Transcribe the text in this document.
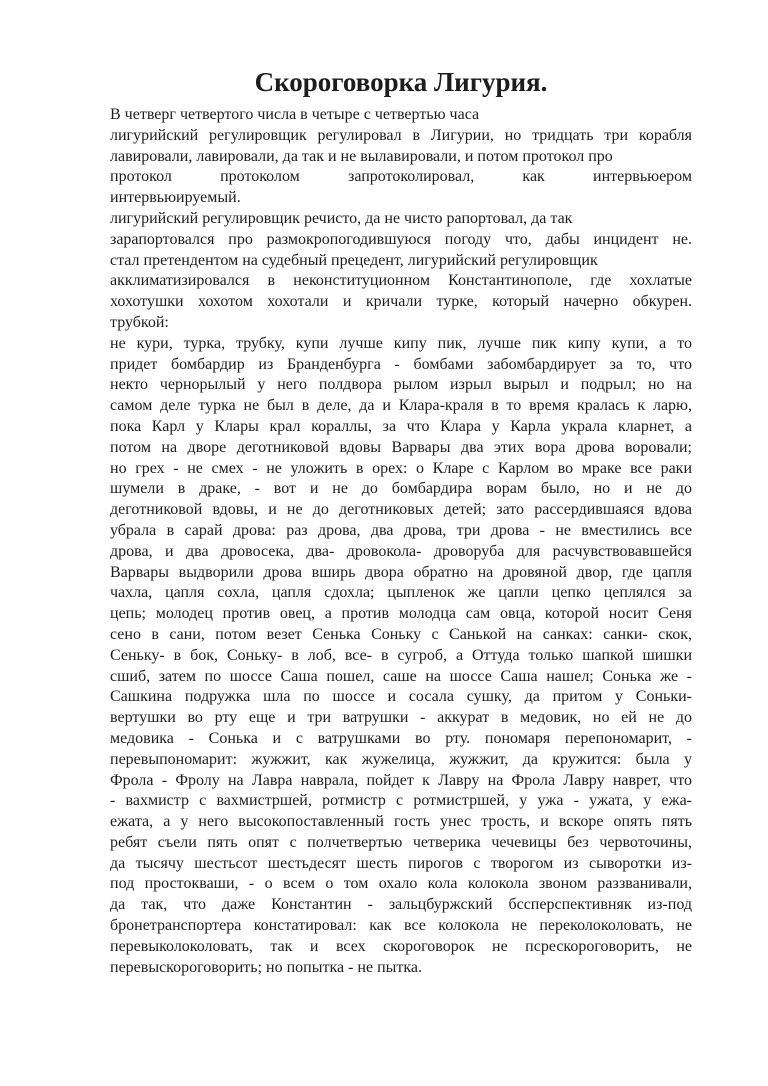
Скороговорка Лигурия.
В четверг четвертого числа в четыре с четвертью часа
лигурийский регулировщик регулировал в Лигурии, но тридцать три корабля
лавировали, лавировали, да так и не вылавировали, и потом протокол про
протокол протоколом запротоколировал, как интервьюером
интервьюируемый.
лигурийский регулировщик речисто, да не чисто рапортовал, да так
зарапортовался про размокропогодившуюся погоду что, дабы инцидент не.
стал претендентом на судебный прецедент, лигурийский регулировщик
акклиматизировался в неконституционном Константинополе, где хохлатые
хохотушки хохотом хохотали и кричали турке, который начерно обкурен.
трубкой:
не кури, турка, трубку, купи лучше кипу пик, лучше пик кипу купи, а то
придет бомбардир из Бранденбурга - бомбами забомбардирует за то, что
некто чернорылый у него полдвора рылом изрыл вырыл и подрыл; но на
самом деле турка не был в деле, да и Клара-краля в то время кралась к ларю,
пока Карл у Клары крал кораллы, за что Клара у Карла украла кларнет, а
потом на дворе деготниковой вдовы Варвары два этих вора дрова воровали;
но грех - не смех - не уложить в орех: о Кларе с Карлом во мраке все раки
шумели в драке, - вот и не до бомбардира ворам было, но и не до
деготниковой вдовы, и не до деготниковых детей; зато рассердившаяся вдова
убрала в сарай дрова: раз дрова, два дрова, три дрова - не вместились все
дрова, и два дровосека, два- дровокола- дроворуба для расчувствовавшейся
Варвары выдворили дрова вширь двора обратно на дровяной двор, где цапля
чахла, цапля сохла, цапля сдохла; цыпленок же цапли цепко цеплялся за
цепь; молодец против овец, а против молодца сам овца, которой носит Сеня
сено в сани, потом везет Сенька Соньку с Санькой на санках: санки- скок,
Сеньку- в бок, Соньку- в лоб, все- в сугроб, а Оттуда только шапкой шишки
сшиб, затем по шоссе Саша пошел, саше на шоссе Саша нашел; Сонька же -
Сашкина подружка шла по шоссе и сосала сушку, да притом у Соньки-
вертушки во рту еще и три ватрушки - аккурат в медовик, но ей не до
медовика - Сонька и с ватрушками во рту. пономаря перепономарит, -
перевыпономарит: жужжит, как жужелица, жужжит, да кружится: была у
Фрола - Фролу на Лавра наврала, пойдет к Лавру на Фрола Лавру наврет, что
- вахмистр с вахмистршей, ротмистр с ротмистршей, у ужа - ужата, у ежа-
ежата, а у него высокопоставленный гость унес трость, и вскоре опять пять
ребят съели пять опят с полчетвертью четверика чечевицы без червоточины,
да тысячу шестьсот шестьдесят шесть пирогов с творогом из сыворотки из-
под простокваши, - о всем о том охало кола колокола звоном раззванивали,
да так, что даже Константин - зальцбуржский бссперспективняк из-под
бронетранспортера констатировал: как все колокола не переколоколовать, не
перевыколоколовать, так и всех скороговорок не псрескороговорить, не
перевыскороговорить; но попытка - не пытка.
